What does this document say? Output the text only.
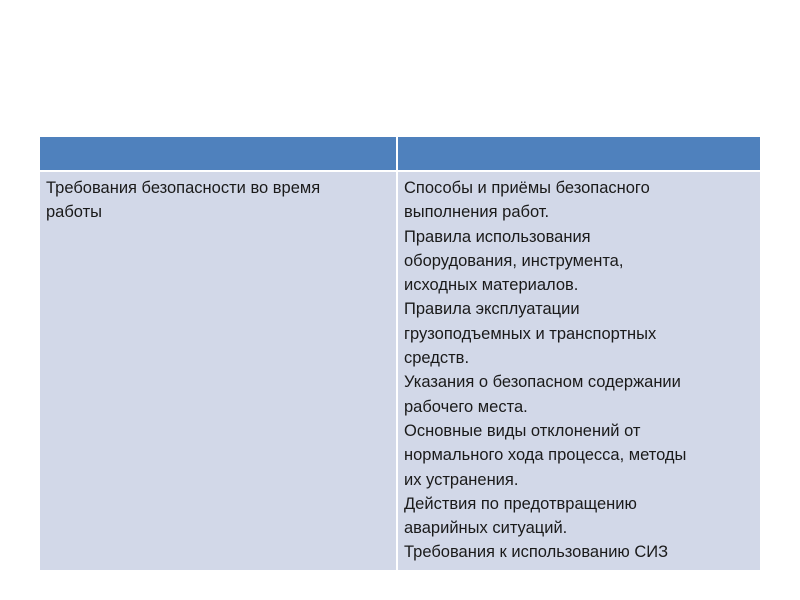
Требования безопасности во время
работы
Способы и приёмы безопасного
выполнения работ.
Правила использования
оборудования, инструмента,
исходных материалов.
Правила эксплуатации
грузоподъемных и транспортных
средств.
Указания о безопасном содержании
рабочего места.
Основные виды отклонений от
нормального хода процесса, методы
их устранения.
Действия по предотвращению
аварийных ситуаций.
Требования к использованию СИЗ
